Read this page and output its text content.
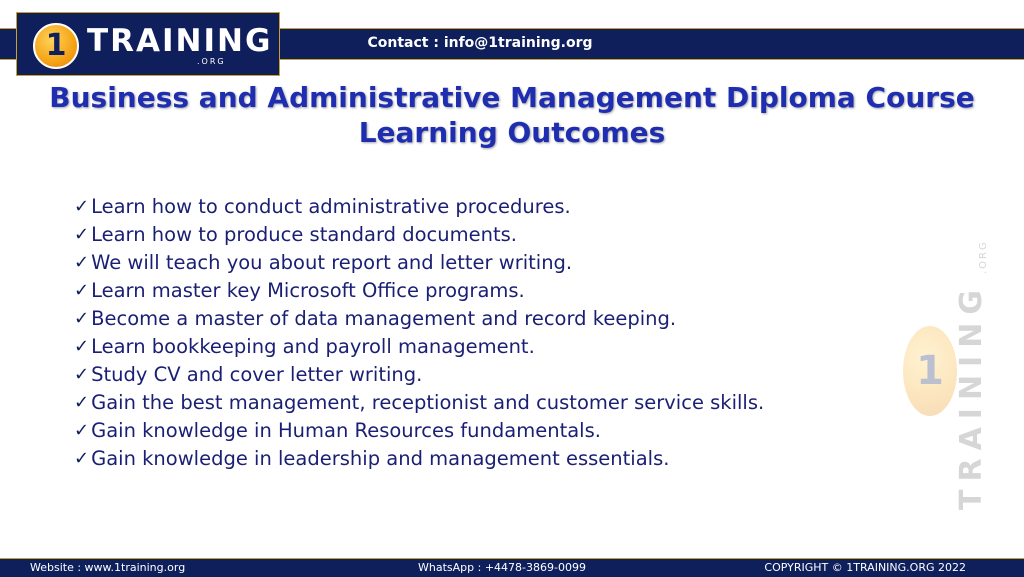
Contact : info@1training.org
1 TRAINING
.ORG
Business and Administrative Management Diploma Course
Learning Outcomes
✓ Learn how to conduct administrative procedures.
✓ Learn how to produce standard documents.
✓ We will teach you about report and letter writing.
✓ Learn master key Microsoft Office programs.
✓ Become a master of data management and record keeping.
✓ Learn bookkeeping and payroll management.
✓ Study CV and cover letter writing.
✓ Gain the best management, receptionist and customer service skills.
✓ Gain knowledge in Human Resources fundamentals.
✓ Gain knowledge in leadership and management essentials.
1 TRAINING
.ORG
Website : www.1training.org	WhatsApp : +4478-3869-0099	COPYRIGHT © 1TRAINING.ORG 2022
